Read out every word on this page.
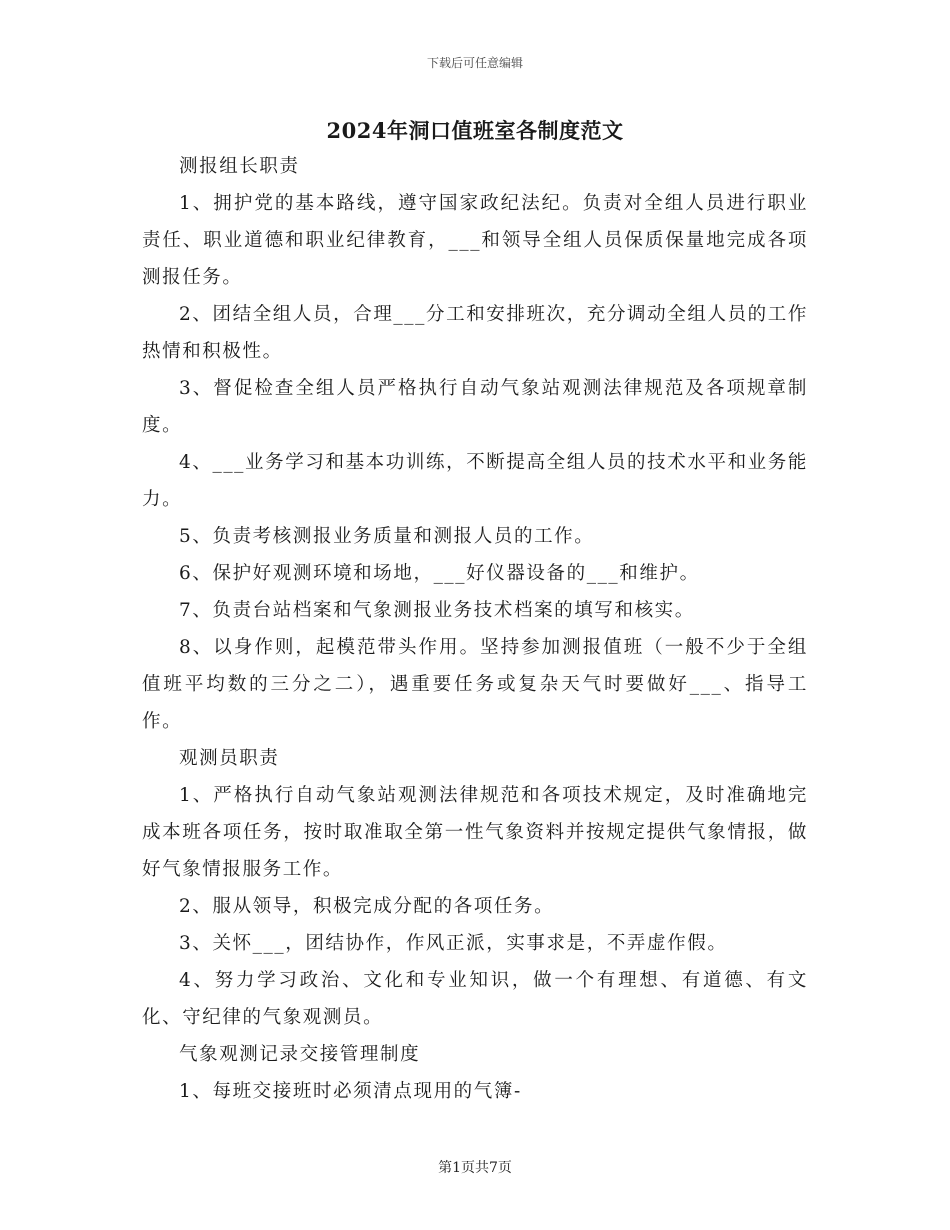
下载后可任意编辑
2024年洞口值班室各制度范文

测报组长职责

1、拥护党的基本路线，遵守国家政纪法纪。负责对全组人员进行职业责任、职业道德和职业纪律教育，___和领导全组人员保质保量地完成各项测报任务。

2、团结全组人员，合理___分工和安排班次，充分调动全组人员的工作热情和积极性。

3、督促检查全组人员严格执行自动气象站观测法律规范及各项规章制度。

4、___业务学习和基本功训练，不断提高全组人员的技术水平和业务能力。

5、负责考核测报业务质量和测报人员的工作。

6、保护好观测环境和场地，___好仪器设备的___和维护。

7、负责台站档案和气象测报业务技术档案的填写和核实。

8、以身作则，起模范带头作用。坚持参加测报值班（一般不少于全组值班平均数的三分之二），遇重要任务或复杂天气时要做好___、指导工作。

观测员职责

1、严格执行自动气象站观测法律规范和各项技术规定，及时准确地完成本班各项任务，按时取准取全第一性气象资料并按规定提供气象情报，做好气象情报服务工作。

2、服从领导，积极完成分配的各项任务。

3、关怀___，团结协作，作风正派，实事求是，不弄虚作假。

4、努力学习政治、文化和专业知识，做一个有理想、有道德、有文化、守纪律的气象观测员。

气象观测记录交接管理制度

1、每班交接班时必须清点现用的气簿-

第1页共7页
